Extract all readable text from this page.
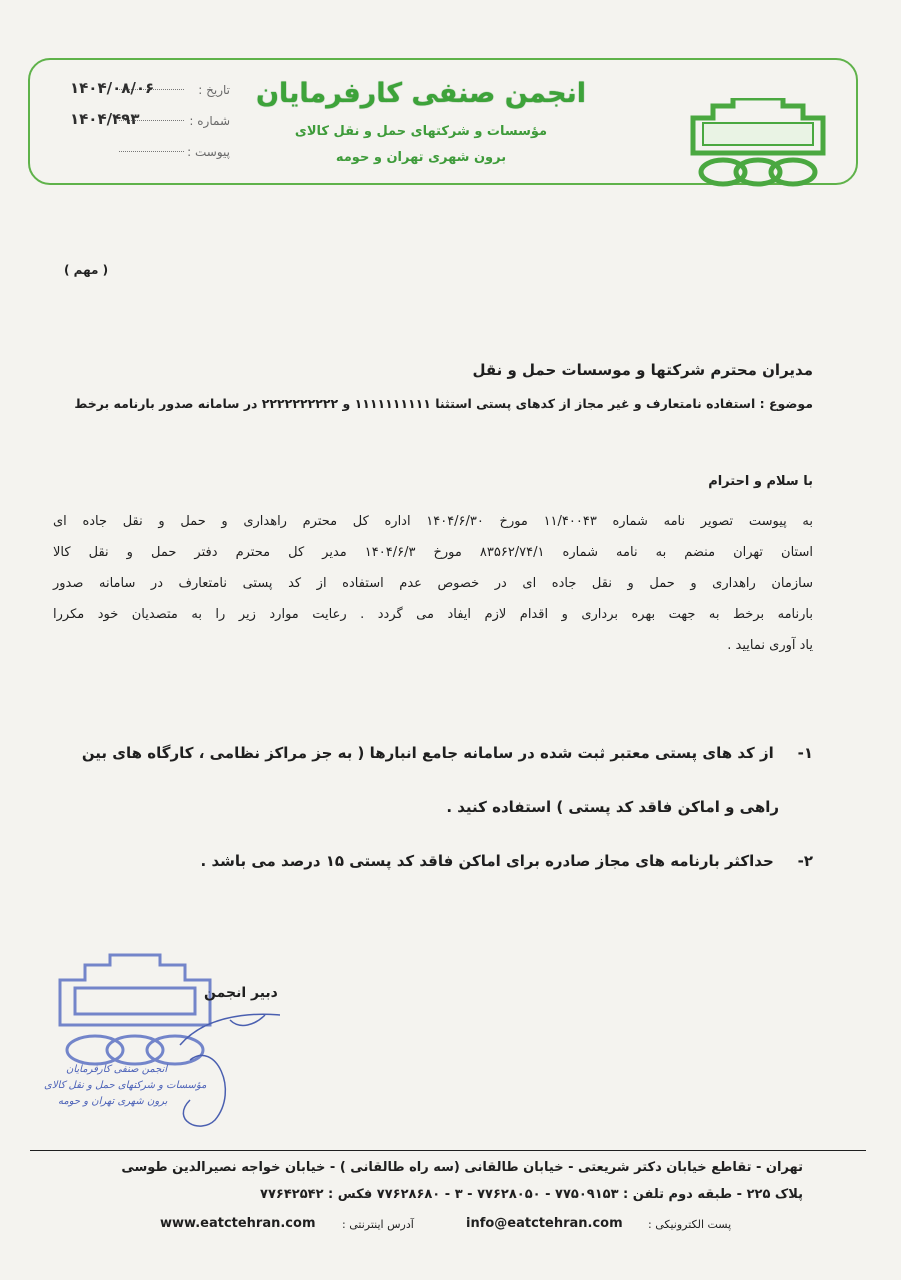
انجمن صنفی کارفرمایان
مؤسسات و شرکتهای حمل و نقل کالای
برون شهری تهران و حومه
تاریخ :
۱۴۰۴/۰۸/۰۶
شماره :
۱۴۰۴/۴۹۳
پیوست :
( مهم )
مدیران محترم شرکتها و موسسات حمل و نقل
موضوع : استفاده نامتعارف و غیر مجاز از کدهای پستی استثنا ۱۱۱۱۱۱۱۱۱۱ و ۲۲۲۲۲۲۲۲۲۲ در سامانه صدور بارنامه برخط
با سلام و احترام
به پیوست تصویر نامه شماره ۱۱/۴۰۰۴۳ مورخ ۱۴۰۴/۶/۳۰ اداره کل محترم راهداری و حمل و نقل جاده ای
استان تهران منضم به نامه شماره ۸۳۵۶۲/۷۴/۱ مورخ ۱۴۰۴/۶/۳ مدیر کل محترم دفتر حمل و نقل کالا
سازمان راهداری و حمل و نقل جاده ای در خصوص عدم استفاده از کد پستی نامتعارف در سامانه صدور
بارنامه برخط به جهت بهره برداری و اقدام لازم ایفاد می گردد . رعایت موارد زیر را به متصدیان خود مکررا
یاد آوری نمایید .
۱- از کد های پستی معتبر ثبت شده در سامانه جامع انبارها ( به جز مراکز نظامی ، کارگاه های بین
راهی و اماکن فاقد کد پستی ) استفاده کنید .
۲- حداکثر بارنامه های مجاز صادره برای اماکن فاقد کد پستی ۱۵ درصد می باشد .
انجمن صنفی کارفرمایان
مؤسسات و شرکتهای حمل و نقل کالای
برون شهری تهران و حومه
دبیر انجمن
تهران - تقاطع خیابان دکتر شریعتی - خیابان طالقانی (سه راه طالقانی ) - خیابان خواجه نصیرالدین طوسی
پلاک ۲۲۵ - طبقه دوم تلفن : ۷۷۵۰۹۱۵۳ - ۷۷۶۲۸۰۵۰ - ۳ - ۷۷۶۲۸۶۸۰ فکس : ۷۷۶۴۲۵۴۲
پست الکترونیکی :
info@eatctehran.com
آدرس اینترنتی :
www.eatctehran.com
